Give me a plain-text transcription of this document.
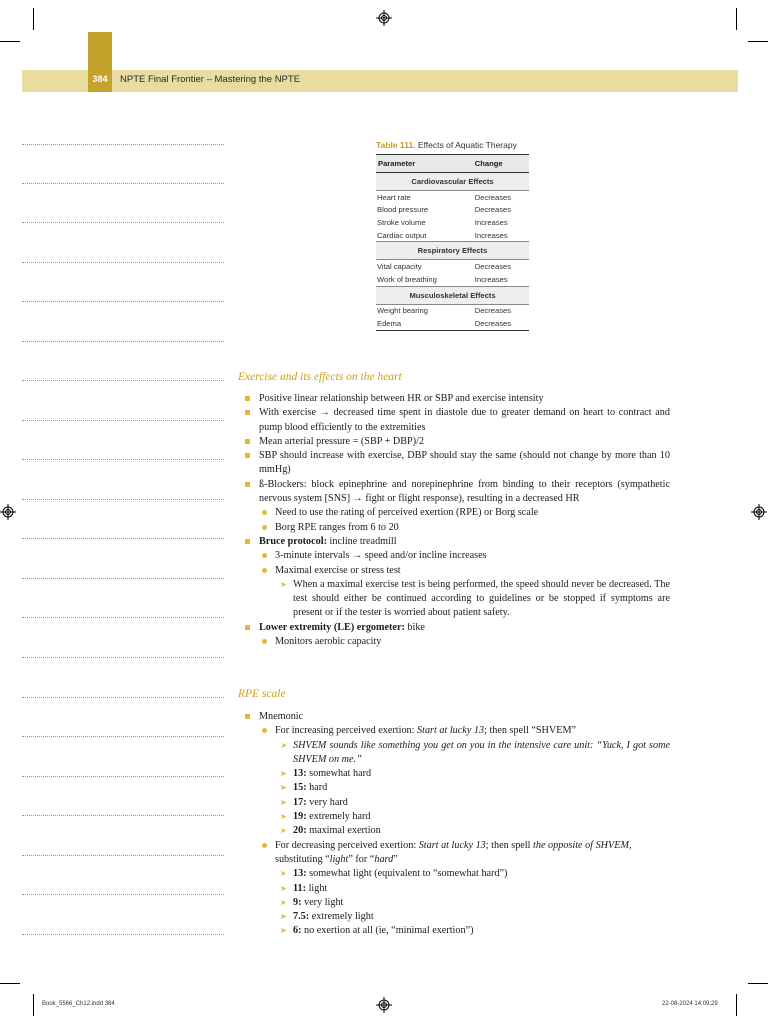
384	NPTE Final Frontier – Mastering the NPTE
Table 111. Effects of Aquatic Therapy
Parameter	Change
Cardiovascular Effects	
Heart rate	Decreases
Blood pressure	Decreases
Stroke volume	Increases
Cardiac output	Increases
Respiratory Effects	
Vital capacity	Decreases
Work of breathing	Increases
Musculoskeletal Effects	
Weight bearing	Decreases
Edema	Decreases
Exercise and its effects on the heart
Positive linear relationship between HR or SBP and exercise intensity
With exercise → decreased time spent in diastole due to greater demand on heart to contract and pump blood efficiently to the extremities
Mean arterial pressure = (SBP + DBP)/2
SBP should increase with exercise, DBP should stay the same (should not change by more than 10 mmHg)
ß-Blockers: block epinephrine and norepinephrine from binding to their receptors (sympathetic nervous system [SNS] → fight or flight response), resulting in a decreased HR
Need to use the rating of perceived exertion (RPE) or Borg scale
Borg RPE ranges from 6 to 20
Bruce protocol: incline treadmill
3-minute intervals → speed and/or incline increases
Maximal exercise or stress test
➤ When a maximal exercise test is being performed, the speed should never be decreased. The test should either be continued according to guidelines or be stopped if symptoms are present or if the tester is worried about patient safety.
Lower extremity (LE) ergometer: bike
Monitors aerobic capacity
RPE scale
Mnemonic
For increasing perceived exertion: Start at lucky 13; then spell “SHVEM”
➤ SHVEM sounds like something you get on you in the intensive care unit: “Yuck, I got some SHVEM on me.”
➤ 13: somewhat hard
➤ 15: hard
➤ 17: very hard
➤ 19: extremely hard
➤ 20: maximal exertion
For decreasing perceived exertion: Start at lucky 13; then spell the opposite of SHVEM, substituting “light” for “hard”
➤ 13: somewhat light (equivalent to “somewhat hard”)
➤ 11: light
➤ 9: very light
➤ 7.5: extremely light
➤ 6: no exertion at all (ie, “minimal exertion”)
Book_5566_Ch12.indd 384	22-08-2024 14:09:29
